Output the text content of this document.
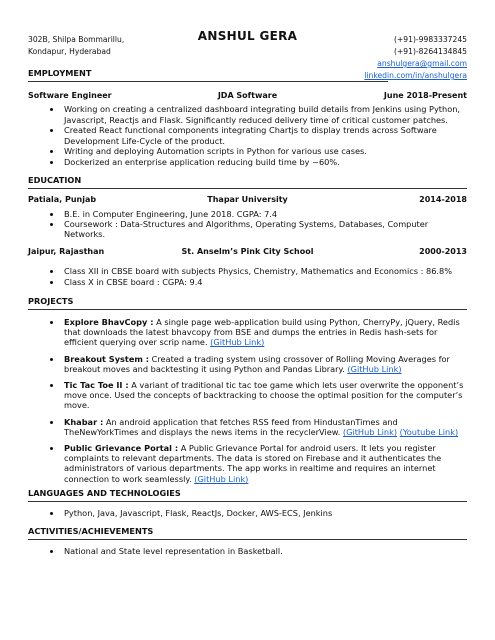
302B, Shilpa Bommarillu,
Kondapur, Hyderabad
ANSHUL GERA	(+91)-9983337245
(+91)-8264134845
anshulgera@gmail.com
linkedin.com/in/anshulgera
EMPLOYMENT
Software Engineer	JDA Software	June 2018-Present
• Working on creating a centralized dashboard integrating build details from Jenkins using Python, Javascript, Reactjs and Flask. Significantly reduced delivery time of critical customer patches.
• Created React functional components integrating Chartjs to display trends across Software Development Life-Cycle of the product.
• Writing and deploying Automation scripts in Python for various use cases.
• Dockerized an enterprise application reducing build time by ~60%.
EDUCATION
Patiala, Punjab	Thapar University	2014-2018
• B.E. in Computer Engineering, June 2018. CGPA: 7.4
• Coursework : Data-Structures and Algorithms, Operating Systems, Databases, Computer Networks.
Jaipur, Rajasthan	St. Anselm’s Pink City School	2000-2013
• Class XII in CBSE board with subjects Physics, Chemistry, Mathematics and Economics : 86.8%
• Class X in CBSE board : CGPA: 9.4
PROJECTS
• Explore BhavCopy : A single page web-application build using Python, CherryPy, jQuery, Redis that downloads the latest bhavcopy from BSE and dumps the entries in Redis hash-sets for efficient querying over scrip name. (GitHub Link)
• Breakout System : Created a trading system using crossover of Rolling Moving Averages for breakout moves and backtesting it using Python and Pandas Library. (GitHub Link)
• Tic Tac Toe II : A variant of traditional tic tac toe game which lets user overwrite the opponent’s move once. Used the concepts of backtracking to choose the optimal position for the computer’s move.
• Khabar : An android application that fetches RSS feed from HindustanTimes and TheNewYorkTimes and displays the news items in the recyclerView. (GitHub Link) (Youtube Link)
• Public Grievance Portal : A Public Grievance Portal for android users. It lets you register complaints to relevant departments. The data is stored on Firebase and it authenticates the administrators of various departments. The app works in realtime and requires an internet connection to work seamlessly. (GitHub Link)
LANGUAGES AND TECHNOLOGIES
• Python, Java, Javascript, Flask, ReactJs, Docker, AWS-ECS, Jenkins
ACTIVITIES/ACHIEVEMENTS
• National and State level representation in Basketball.
